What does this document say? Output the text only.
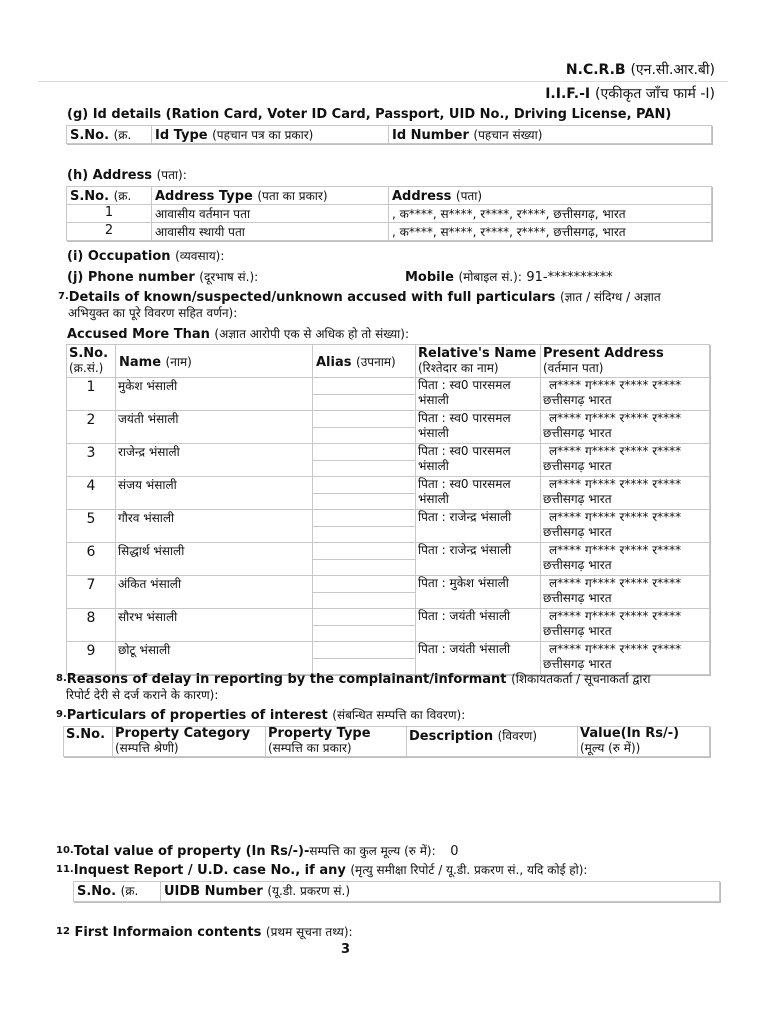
N.C.R.B (एन.सी.आर.बी)
I.I.F.-I (एकीकृत जाँच फार्म -I)
(g) Id details (Ration Card, Voter ID Card, Passport, UID No., Driving License, PAN)
S.No. (क्र.	Id Type (पहचान पत्र का प्रकार)	Id Number (पहचान संख्या)
(h) Address (पता):
S.No. (क्र.	Address Type (पता का प्रकार)	Address (पता)
1	आवासीय वर्तमान पता	, क****, स****, र****, र****, छत्तीसगढ़, भारत
2	आवासीय स्थायी पता	, क****, स****, र****, र****, छत्तीसगढ़, भारत
(i) Occupation (व्यवसाय):
(j) Phone number (दूरभाष सं.):	Mobile (मोबाइल सं.): 91-**********
7.Details of known/suspected/unknown accused with full particulars (ज्ञात / संदिग्ध / अज्ञात
अभियुक्त का पूरे विवरण सहित वर्णन):
Accused More Than (अज्ञात आरोपी एक से अधिक हो तो संख्या):
S.No.
(क्र.सं.)	Name (नाम)	Alias (उपनाम)	Relative's Name
(रिश्तेदार का नाम)	Present Address
(वर्तमान पता)
1	मुकेश भंसाली		पिता : स्व0 पारसमल भंसाली	ल**** ग**** र**** र****
छत्तीसगढ़ भारत

2	जयंती भंसाली		पिता : स्व0 पारसमल भंसाली	ल**** ग**** र**** र****
छत्तीसगढ़ भारत

3	राजेन्द्र भंसाली		पिता : स्व0 पारसमल भंसाली	ल**** ग**** र**** र****
छत्तीसगढ़ भारत

4	संजय भंसाली		पिता : स्व0 पारसमल भंसाली	ल**** ग**** र**** र****
छत्तीसगढ़ भारत

5	गौरव भंसाली		पिता : राजेन्द्र भंसाली	ल**** ग**** र**** र****
छत्तीसगढ़ भारत

6	सिद्धार्थ भंसाली		पिता : राजेन्द्र भंसाली	ल**** ग**** र**** र****
छत्तीसगढ़ भारत

7	अंकित भंसाली		पिता : मुकेश भंसाली	ल**** ग**** र**** र****
छत्तीसगढ़ भारत

8	सौरभ भंसाली		पिता : जयंती भंसाली	ल**** ग**** र**** र****
छत्तीसगढ़ भारत

9	छोटू भंसाली		पिता : जयंती भंसाली	ल**** ग**** र**** र****
छत्तीसगढ़ भारत
8.Reasons of delay in reporting by the complainant/informant (शिकायतकर्ता / सूचनाकर्ता द्वारा
रिपोर्ट देरी से दर्ज कराने के कारण):
9.Particulars of properties of interest (संबन्धित सम्पत्ति का विवरण):
S.No.	Property Category
(सम्पत्ति श्रेणी)	Property Type
(सम्पत्ति का प्रकार)	Description (विवरण)	Value(In Rs/-)
(मूल्य (रु में))
10.Total value of property (In Rs/-)-सम्पत्ति का कुल मूल्य (रु में): 0
11.Inquest Report / U.D. case No., if any (मृत्यु समीक्षा रिपोर्ट / यू.डी. प्रकरण सं., यदि कोई हो):
S.No. (क्र.	UIDB Number (यू.डी. प्रकरण सं.)
12 First Informaion contents (प्रथम सूचना तथ्य):
3
